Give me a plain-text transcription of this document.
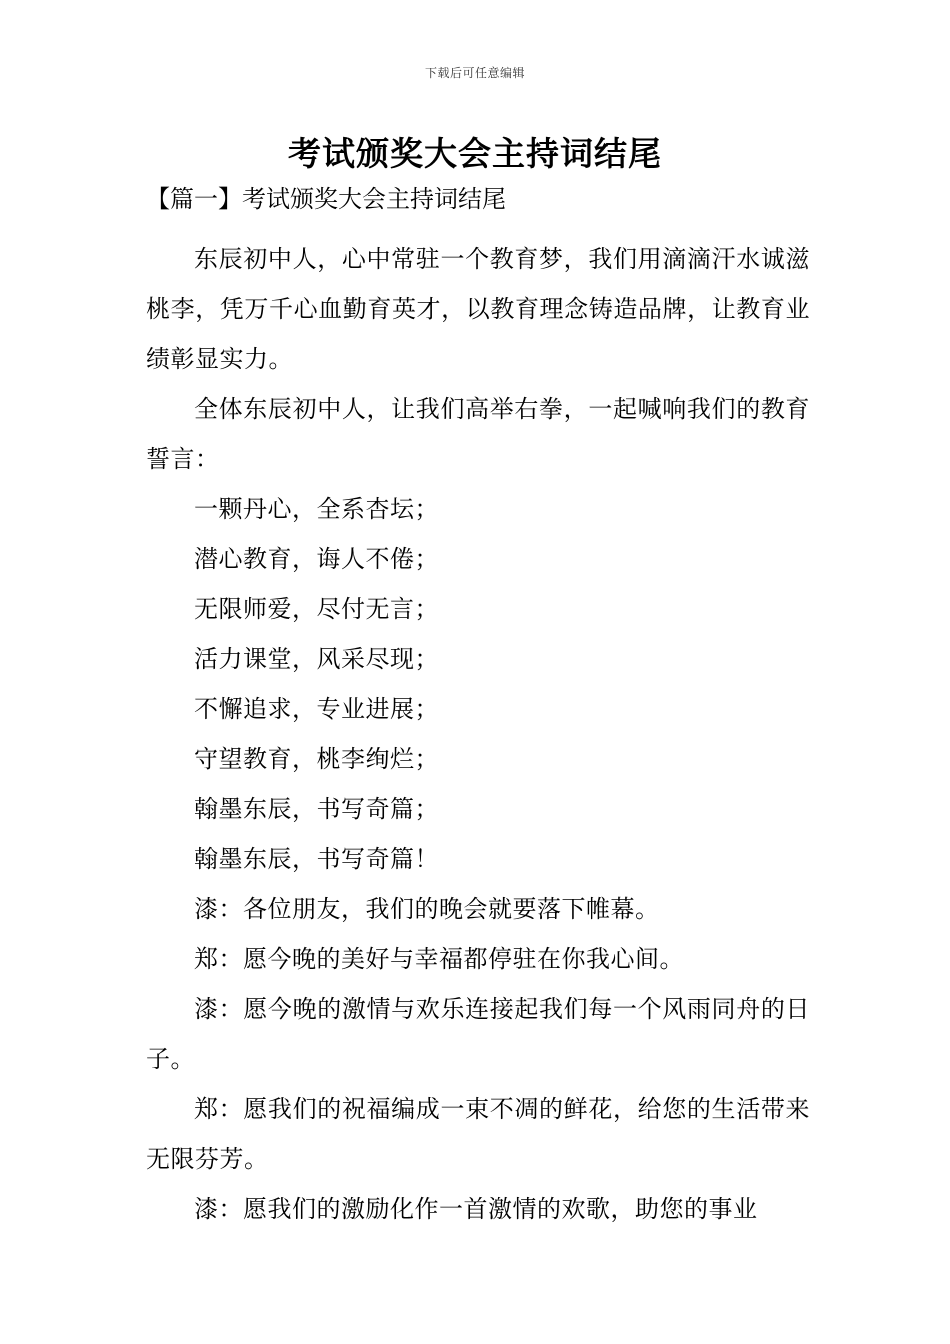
下载后可任意编辑
考试颁奖大会主持词结尾
【篇一】考试颁奖大会主持词结尾

东辰初中人，心中常驻一个教育梦，我们用滴滴汗水诚滋桃李，凭万千心血勤育英才，以教育理念铸造品牌，让教育业绩彰显实力。

全体东辰初中人，让我们高举右拳，一起喊响我们的教育誓言：

一颗丹心，全系杏坛；

潜心教育，诲人不倦；

无限师爱，尽付无言；

活力课堂，风采尽现；

不懈追求，专业进展；

守望教育，桃李绚烂；

翰墨东辰，书写奇篇；

翰墨东辰，书写奇篇！

漆：各位朋友，我们的晚会就要落下帷幕。

郑：愿今晚的美好与幸福都停驻在你我心间。

漆：愿今晚的激情与欢乐连接起我们每一个风雨同舟的日子。

郑：愿我们的祝福编成一束不凋的鲜花，给您的生活带来无限芬芳。

漆：愿我们的激励化作一首激情的欢歌，助您的事业
